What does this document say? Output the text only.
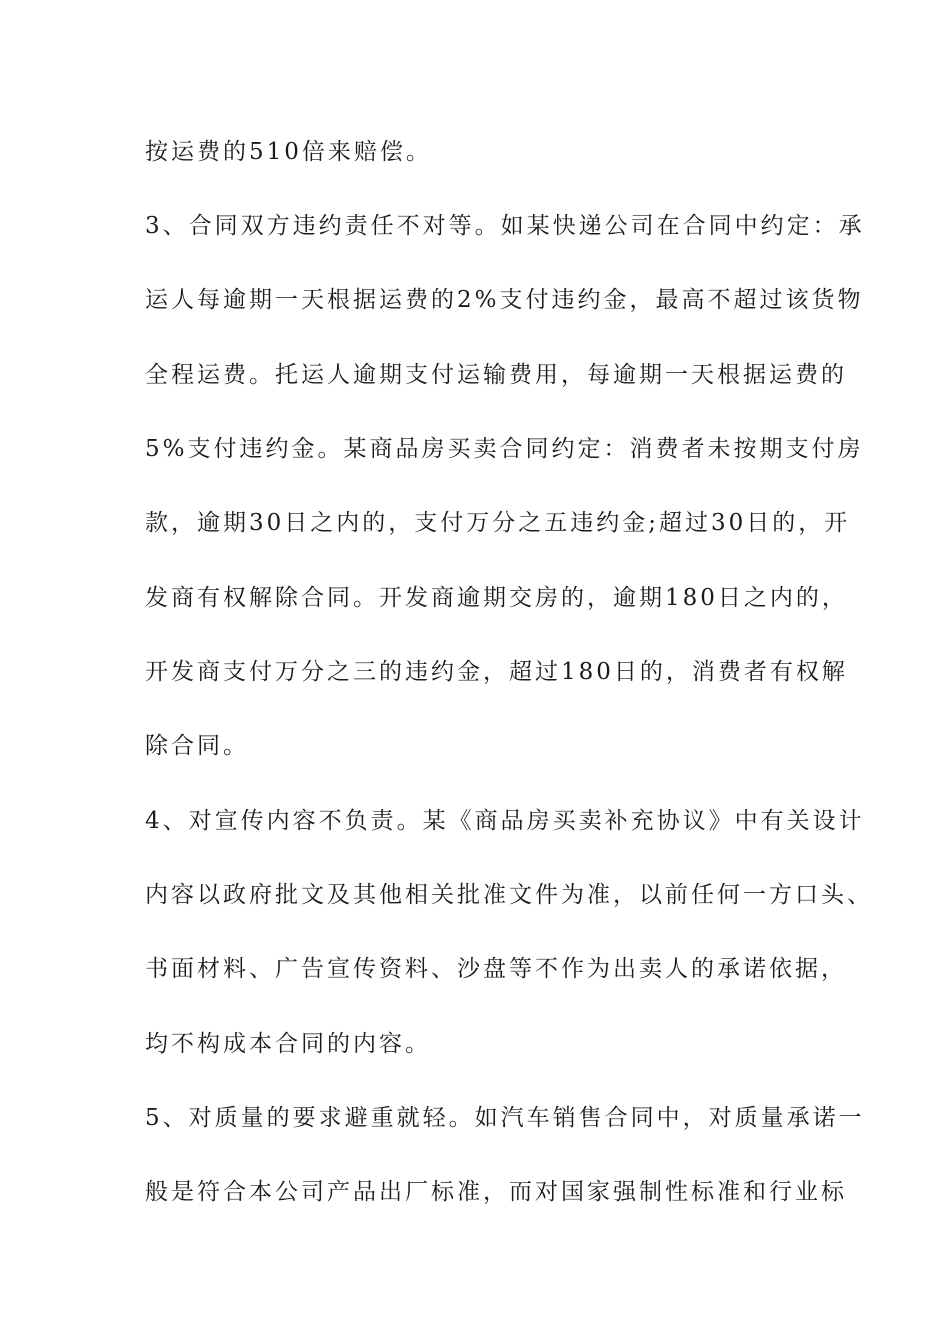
按运费的510倍来赔偿。
3、合同双方违约责任不对等。如某快递公司在合同中约定：承
运人每逾期一天根据运费的2%支付违约金，最高不超过该货物
全程运费。托运人逾期支付运输费用，每逾期一天根据运费的
5%支付违约金。某商品房买卖合同约定：消费者未按期支付房
款，逾期30日之内的，支付万分之五违约金;超过30日的，开
发商有权解除合同。开发商逾期交房的，逾期180日之内的，
开发商支付万分之三的违约金，超过180日的，消费者有权解
除合同。
4、对宣传内容不负责。某《商品房买卖补充协议》中有关设计
内容以政府批文及其他相关批准文件为准，以前任何一方口头、
书面材料、广告宣传资料、沙盘等不作为出卖人的承诺依据，
均不构成本合同的内容。
5、对质量的要求避重就轻。如汽车销售合同中，对质量承诺一
般是符合本公司产品出厂标准，而对国家强制性标准和行业标
